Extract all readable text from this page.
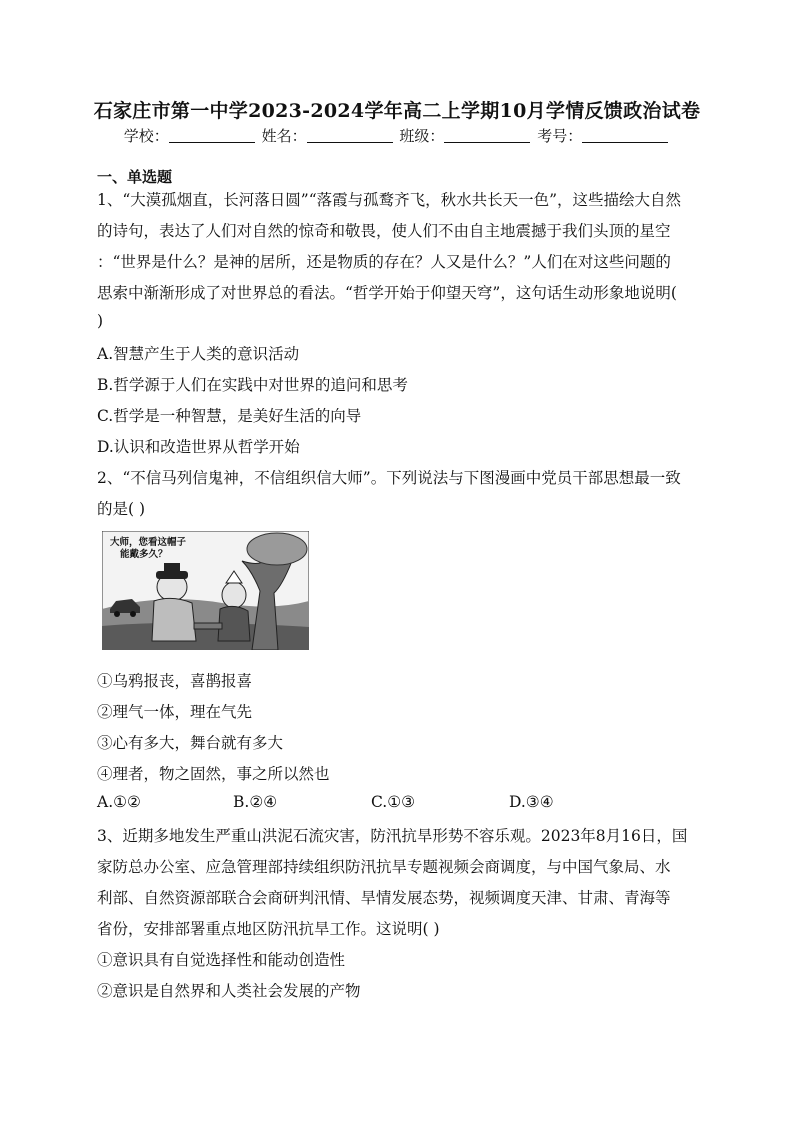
石家庄市第一中学2023-2024学年高二上学期10月学情反馈政治试卷
学校：	姓名：	班级：	考号：
一、单选题
1、“大漠孤烟直，长河落日圆”“落霞与孤鹜齐飞，秋水共长天一色”，这些描绘大自然
的诗句，表达了人们对自然的惊奇和敬畏，使人们不由自主地震撼于我们头顶的星空
：“世界是什么？是神的居所，还是物质的存在？人又是什么？”人们在对这些问题的
思索中渐渐形成了对世界总的看法。“哲学开始于仰望天穹”，这句话生动形象地说明(
)
A.智慧产生于人类的意识活动
B.哲学源于人们在实践中对世界的追问和思考
C.哲学是一种智慧，是美好生活的向导
D.认识和改造世界从哲学开始
2、“不信马列信鬼神，不信组织信大师”。下列说法与下图漫画中党员干部思想最一致
的是( )
大师，您看这帽子
能戴多久？
①乌鸦报丧，喜鹊报喜
②理气一体，理在气先
③心有多大，舞台就有多大
④理者，物之固然，事之所以然也
A.①②	B.②④	C.①③	D.③④
3、近期多地发生严重山洪泥石流灾害，防汛抗旱形势不容乐观。2023年8月16日，国
家防总办公室、应急管理部持续组织防汛抗旱专题视频会商调度，与中国气象局、水
利部、自然资源部联合会商研判汛情、旱情发展态势，视频调度天津、甘肃、青海等
省份，安排部署重点地区防汛抗旱工作。这说明( )
①意识具有自觉选择性和能动创造性
②意识是自然界和人类社会发展的产物
